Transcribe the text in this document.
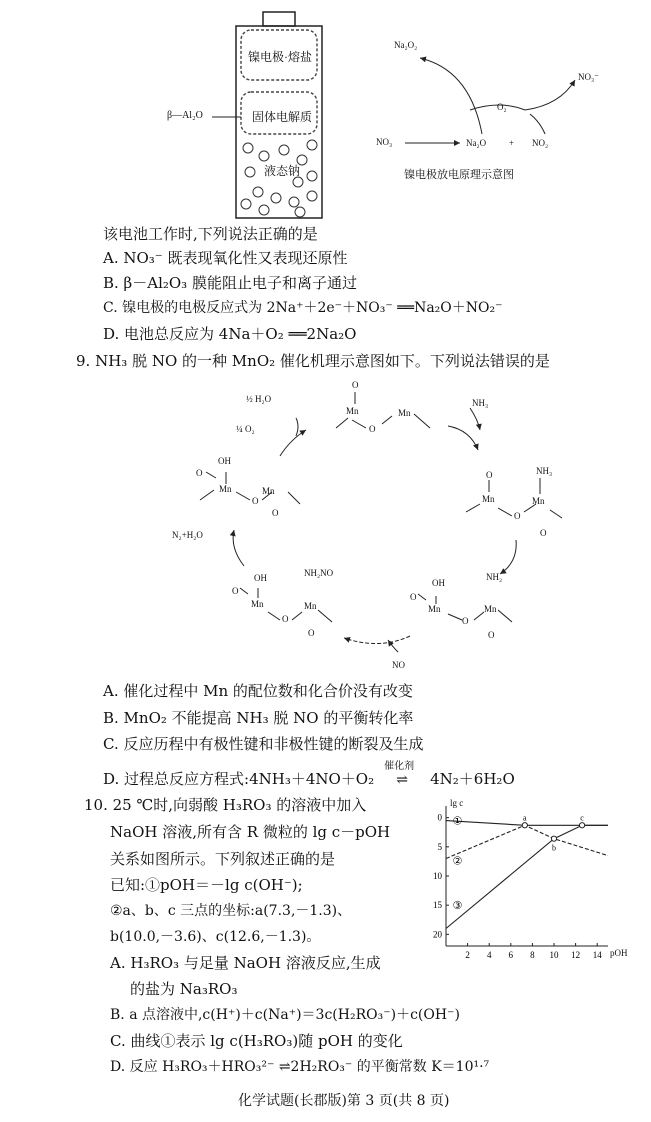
β—Al₂O
镍电极·熔盐
固体电解质
液态钠
Na₂O₂
NO₃⁻
O₂
NO₃	Na₂O	+ NO₂
镍电极放电原理示意图
该电池工作时,下列说法正确的是
A. NO₃⁻ 既表现氧化性又表现还原性
B. β－Al₂O₃ 膜能阻止电子和离子通过
C. 镍电极的电极反应式为 2Na⁺＋2e⁻＋NO₃⁻ ══Na₂O＋NO₂⁻
D. 电池总反应为 4Na＋O₂ ══2Na₂O
9. NH₃ 脱 NO 的一种 MnO₂ 催化机理示意图如下。下列说法错误的是
½ H₂O
¼ O₂
O
Mn	Mn
O
NH₃
NH₃
O
Mn	Mn
O
O
NH₂
OH
O
Mn	Mn
O
O
N₂+H₂O
OH	NH₂NO
O
Mn	Mn
O
O
OH
O
Mn	Mn
O
O
NO
A. 催化过程中 Mn 的配位数和化合价没有改变
B. MnO₂ 不能提高 NH₃ 脱 NO 的平衡转化率
C. 反应历程中有极性键和非极性键的断裂及生成
D. 过程总反应方程式:4NH₃＋4NO＋O₂
催化剂
⇌ 4N₂＋6H₂O
10. 25 ℃时,向弱酸 H₃RO₃ 的溶液中加入
NaOH 溶液,所有含 R 微粒的 lg c－pOH
关系如图所示。下列叙述正确的是
已知:①pOH＝－lg c(OH⁻);
②a、b、c 三点的坐标:a(7.3,－1.3)、
b(10.0,－3.6)、c(12.6,－1.3)。
A. H₃RO₃ 与足量 NaOH 溶液反应,生成
的盐为 Na₃RO₃
B. a 点溶液中,c(H⁺)＋c(Na⁺)＝3c(H₂RO₃⁻)＋c(OH⁻)
C. 曲线①表示 lg c(H₃RO₃)随 pOH 的变化
D. 反应 H₃RO₃＋HRO₃²⁻ ⇌2H₂RO₃⁻ 的平衡常数 K＝10¹·⁷
2 4 6 8 10 12 14
0
5
10
15
20
①
②
③
a
b
c
lg c
pOH
化学试题(长郡版)第 3 页(共 8 页)
